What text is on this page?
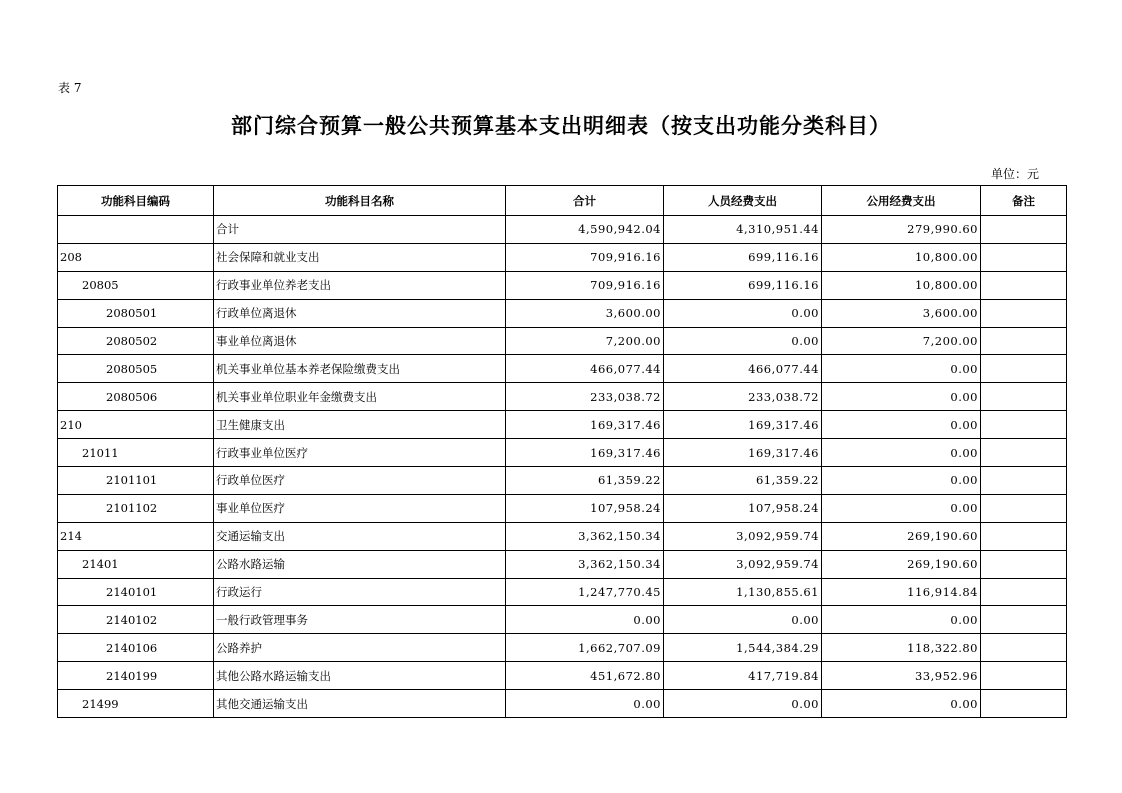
表 7
部门综合预算一般公共预算基本支出明细表（按支出功能分类科目）
单位：元
功能科目编码	功能科目名称	合计	人员经费支出	公用经费支出	备注
	合计	4,590,942.04	4,310,951.44	279,990.60	
208	社会保障和就业支出	709,916.16	699,116.16	10,800.00	
20805	行政事业单位养老支出	709,916.16	699,116.16	10,800.00	
2080501	行政单位离退休	3,600.00	0.00	3,600.00	
2080502	事业单位离退休	7,200.00	0.00	7,200.00	
2080505	机关事业单位基本养老保险缴费支出	466,077.44	466,077.44	0.00	
2080506	机关事业单位职业年金缴费支出	233,038.72	233,038.72	0.00	
210	卫生健康支出	169,317.46	169,317.46	0.00	
21011	行政事业单位医疗	169,317.46	169,317.46	0.00	
2101101	行政单位医疗	61,359.22	61,359.22	0.00	
2101102	事业单位医疗	107,958.24	107,958.24	0.00	
214	交通运输支出	3,362,150.34	3,092,959.74	269,190.60	
21401	公路水路运输	3,362,150.34	3,092,959.74	269,190.60	
2140101	行政运行	1,247,770.45	1,130,855.61	116,914.84	
2140102	一般行政管理事务	0.00	0.00	0.00	
2140106	公路养护	1,662,707.09	1,544,384.29	118,322.80	
2140199	其他公路水路运输支出	451,672.80	417,719.84	33,952.96	
21499	其他交通运输支出	0.00	0.00	0.00	
